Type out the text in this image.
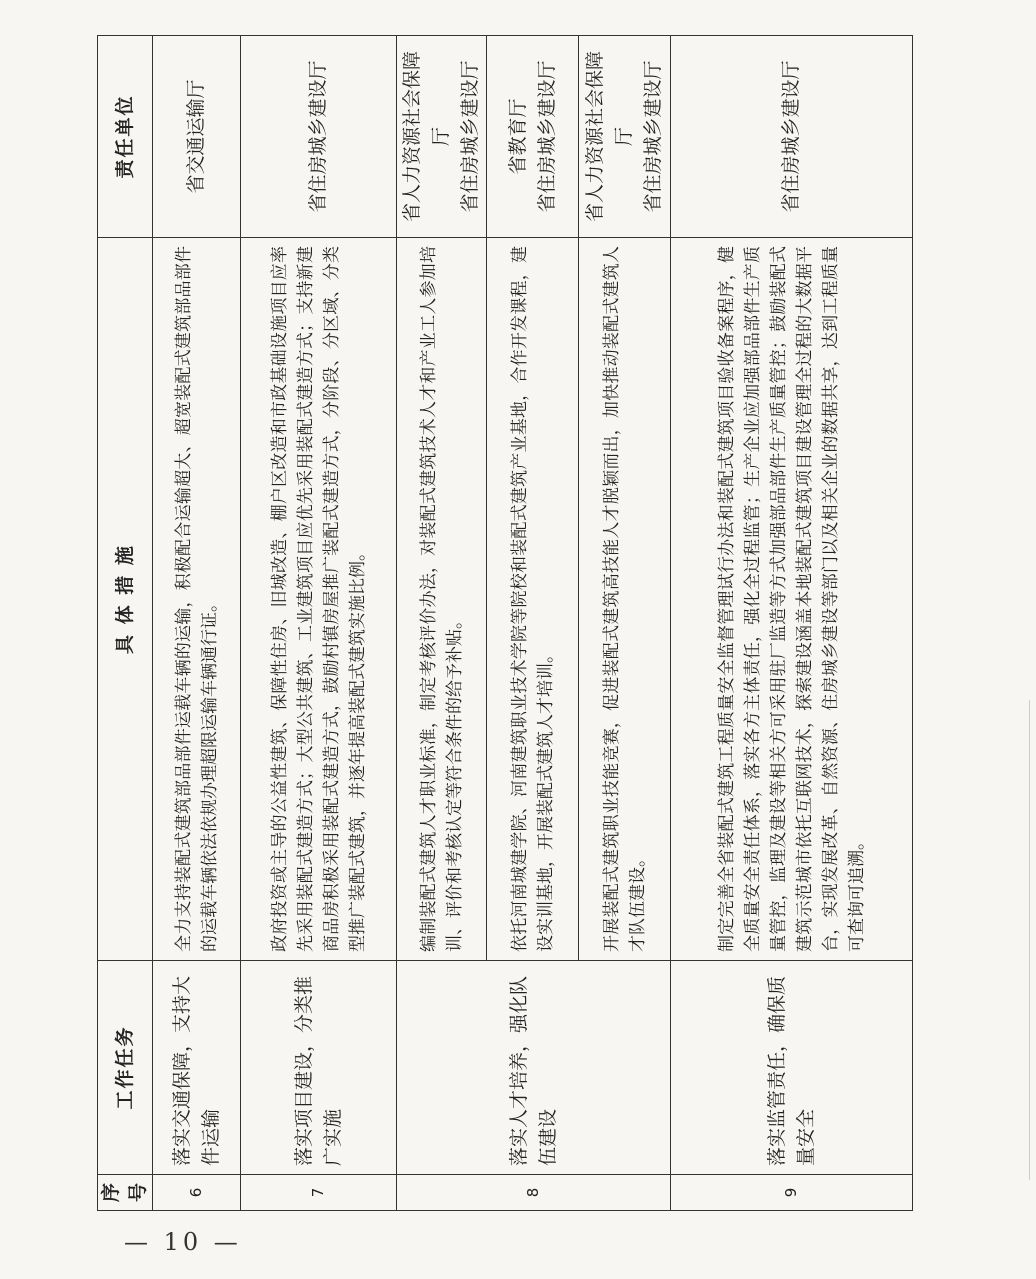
序号	工作任务	具 体 措 施	责任单位
6	落实交通保障，支持大件运输	全力支持装配式建筑部品部件运载车辆的运输，积极配合运输超大、超宽装配式建筑部品部件的运载车辆依法依规办理超限运输车辆通行证。	省交通运输厅

7	落实项目建设，分类推广实施	政府投资或主导的公益性建筑、保障性住房、旧城改造、棚户区改造和市政基础设施项目应率先采用装配式建造方式；大型公共建筑、工业建筑项目应优先采用装配式建造方式；支持新建商品房积极采用装配式建造方式，鼓励村镇房屋推广装配式建造方式，分阶段、分区域、分类型推广装配式建筑，并逐年提高装配式建筑实施比例。	省住房城乡建设厅

8	落实人才培养，强化队伍建设	编制装配式建筑人才职业标准，制定考核评价办法，对装配式建筑技术人才和产业工人参加培训、评价和考核认定等符合条件的给予补贴。	省人力资源社会保障厅 省住房城乡建设厅

		依托河南城建学院、河南建筑职业技术学院等院校和装配式建筑产业基地，合作开发课程，建设实训基地，开展装配式建筑人才培训。	省教育厅 省住房城乡建设厅

		开展装配式建筑职业技能竞赛，促进装配式建筑高技能人才脱颖而出，加快推动装配式建筑人才队伍建设。	省人力资源社会保障厅 省住房城乡建设厅

9	落实监管责任，确保质量安全	制定完善全省装配式建筑工程质量安全监督管理试行办法和装配式建筑项目验收备案程序，健全质量安全责任体系，落实各方主体责任，强化全过程监管；生产企业应加强部品部件生产质量管控，监理及建设等相关方可采用驻厂监造等方式加强部品部件生产质量管控；鼓励装配式建筑示范城市依托互联网技术，探索建设涵盖本地装配式建筑项目建设管理全过程的大数据平台，实现发展改革、自然资源、住房城乡建设等部门以及相关企业的数据共享，达到工程质量可查询可追溯。	省住房城乡建设厅
— 10 —
